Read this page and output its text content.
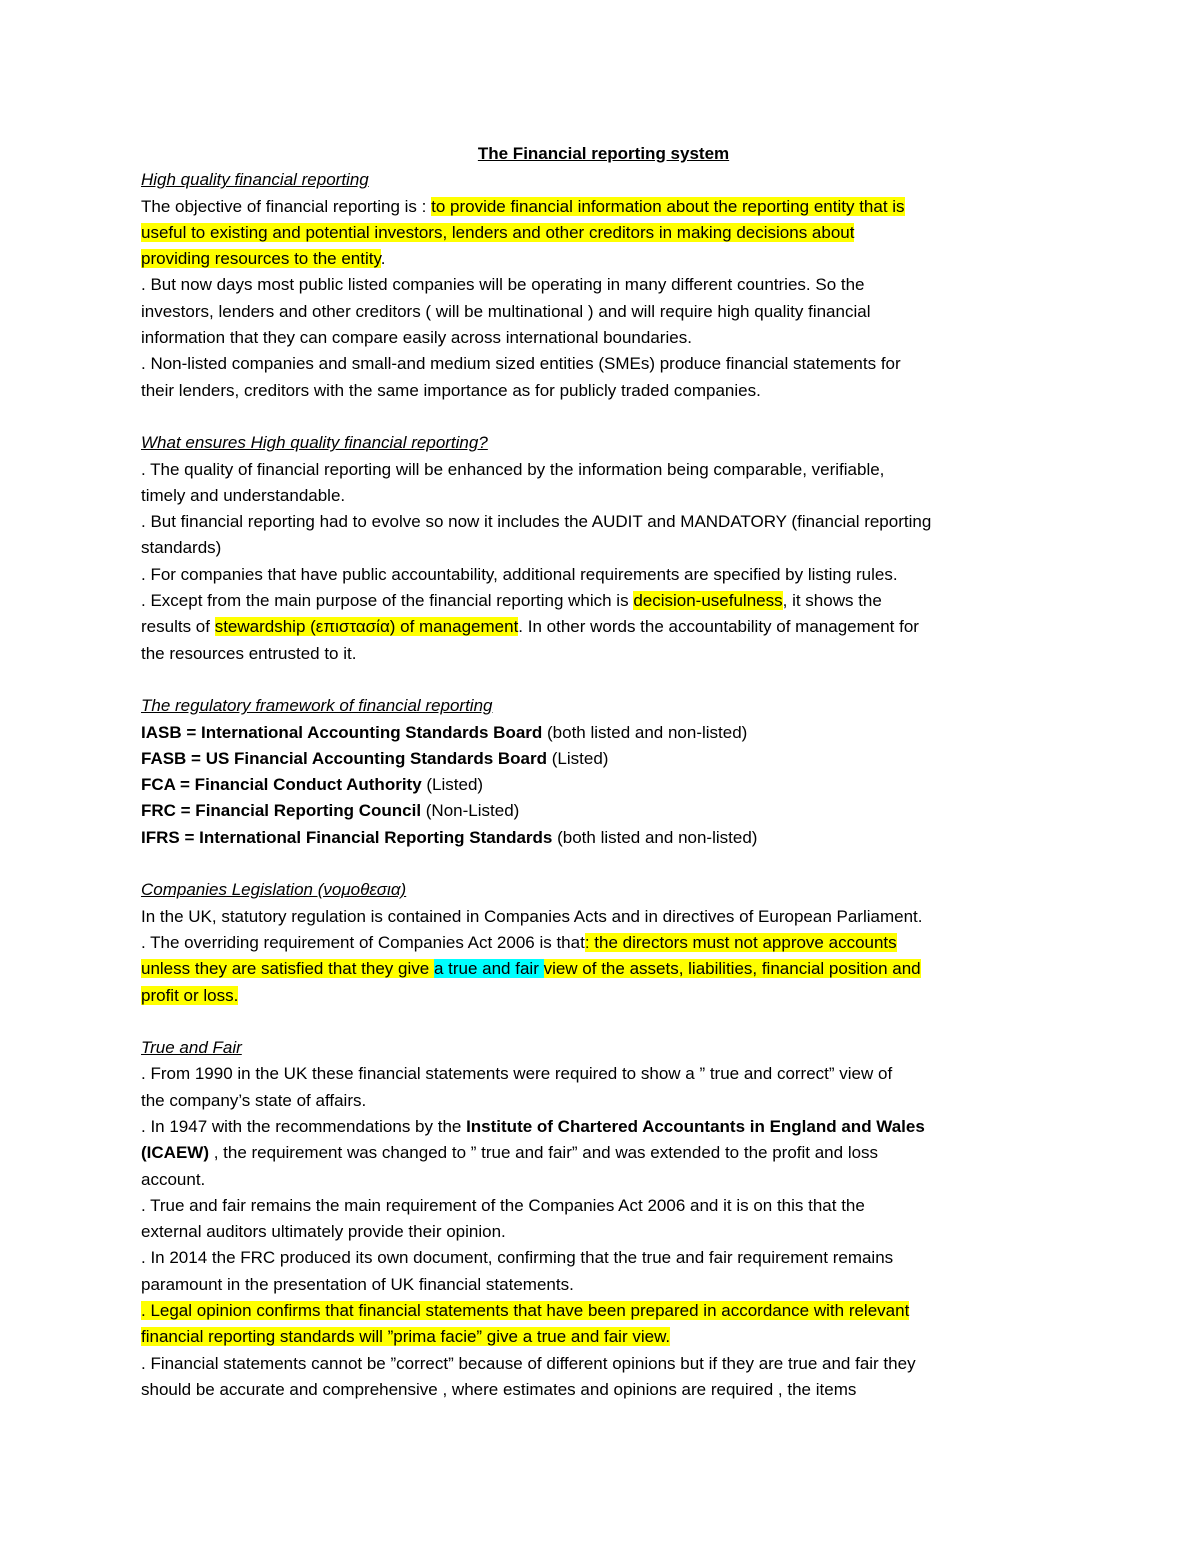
The Financial reporting system
High quality financial reporting
The objective of financial reporting is : to provide financial information about the reporting entity that is
useful to existing and potential investors, lenders and other creditors in making decisions about
providing resources to the entity.
. But now days most public listed companies will be operating in many different countries. So the
investors, lenders and other creditors ( will be multinational ) and will require high quality financial
information that they can compare easily across international boundaries.
. Non-listed companies and small-and medium sized entities (SMEs) produce financial statements for
their lenders, creditors with the same importance as for publicly traded companies.
What ensures High quality financial reporting?
. The quality of financial reporting will be enhanced by the information being comparable, verifiable,
timely and understandable.
. But financial reporting had to evolve so now it includes the AUDIT and MANDATORY (financial reporting
standards)
. For companies that have public accountability, additional requirements are specified by listing rules.
. Except from the main purpose of the financial reporting which is decision-usefulness, it shows the
results of stewardship (επιστασία) of management. In other words the accountability of management for
the resources entrusted to it.
The regulatory framework of financial reporting
IASB = International Accounting Standards Board (both listed and non-listed)
FASB = US Financial Accounting Standards Board (Listed)
FCA = Financial Conduct Authority (Listed)
FRC = Financial Reporting Council (Non-Listed)
IFRS = International Financial Reporting Standards (both listed and non-listed)
Companies Legislation (νομοθεσια)
In the UK, statutory regulation is contained in Companies Acts and in directives of European Parliament.
. The overriding requirement of Companies Act 2006 is that: the directors must not approve accounts
unless they are satisfied that they give a true and fair view of the assets, liabilities, financial position and
profit or loss.
True and Fair
. From 1990 in the UK these financial statements were required to show a ” true and correct” view of
the company’s state of affairs.
. In 1947 with the recommendations by the Institute of Chartered Accountants in England and Wales
(ICAEW) , the requirement was changed to ” true and fair” and was extended to the profit and loss
account.
. True and fair remains the main requirement of the Companies Act 2006 and it is on this that the
external auditors ultimately provide their opinion.
. In 2014 the FRC produced its own document, confirming that the true and fair requirement remains
paramount in the presentation of UK financial statements.
. Legal opinion confirms that financial statements that have been prepared in accordance with relevant
financial reporting standards will ”prima facie” give a true and fair view.
. Financial statements cannot be ”correct” because of different opinions but if they are true and fair they
should be accurate and comprehensive , where estimates and opinions are required , the items
